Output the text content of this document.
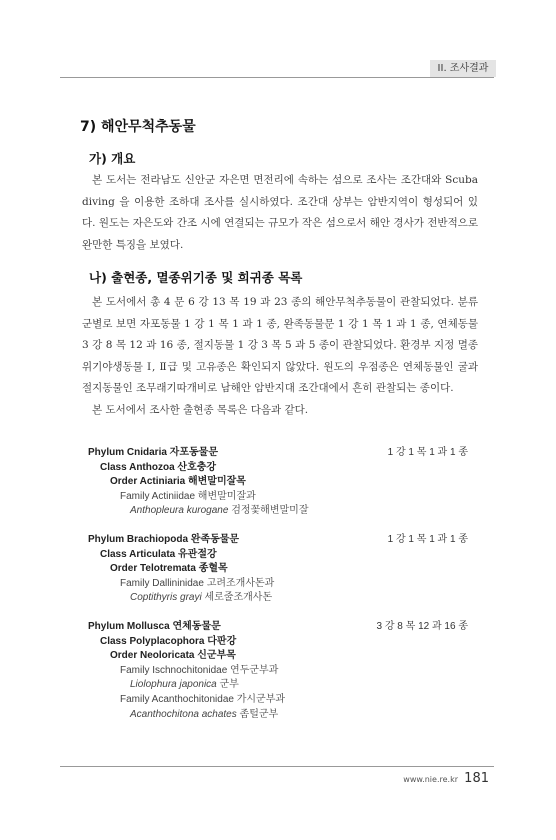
II. 조사결과
7) 해안무척추동물
가) 개요

본 도서는 전라남도 신안군 자은면 면전리에 속하는 섬으로 조사는 조간대와 Scuba diving 을 이용한 조하대 조사를 실시하였다. 조간대 상부는 암반지역이 형성되어 있다. 원도는 자은도와 간조 시에 연결되는 규모가 작은 섬으로서 해안 경사가 전반적으로 완만한 특징을 보였다.

나) 출현종, 멸종위기종 및 희귀종 목록

본 도서에서 총 4 문 6 강 13 목 19 과 23 종의 해안무척추동물이 관찰되었다. 분류군별로 보면 자포동물 1 강 1 목 1 과 1 종, 완족동물문 1 강 1 목 1 과 1 종, 연체동물 3 강 8 목 12 과 16 종, 절지동물 1 강 3 목 5 과 5 종이 관찰되었다. 환경부 지정 멸종위기야생동물 Ⅰ, Ⅱ급 및 고유종은 확인되지 않았다. 원도의 우점종은 연체동물인 굴과 절지동물인 조무래기따개비로 남해안 암반지대 조간대에서 흔히 관찰되는 종이다.

본 도서에서 조사한 출현종 목록은 다음과 같다.

Phylum Cnidaria 자포동물문	1 강 1 목 1 과 1 종
Class Anthozoa 산호충강
Order Actiniaria 해변말미잘목
Family Actiniidae 해변말미잘과
Anthopleura kurogane 검정꽃해변말미잘
Phylum Brachiopoda 완족동물문	1 강 1 목 1 과 1 종
Class Articulata 유관절강
Order Telotremata 종혈목
Family Dallininidae 고려조개사돈과
Coptithyris grayi 세로줄조개사돈
Phylum Mollusca 연체동물문	3 강 8 목 12 과 16 종
Class Polyplacophora 다판강
Order Neoloricata 신군부목
Family Ischnochitonidae 연두군부과
Liolophura japonica 군부
Family Acanthochitonidae 가시군부과
Acanthochitona achates 좀털군부
www.nie.re.kr 181
